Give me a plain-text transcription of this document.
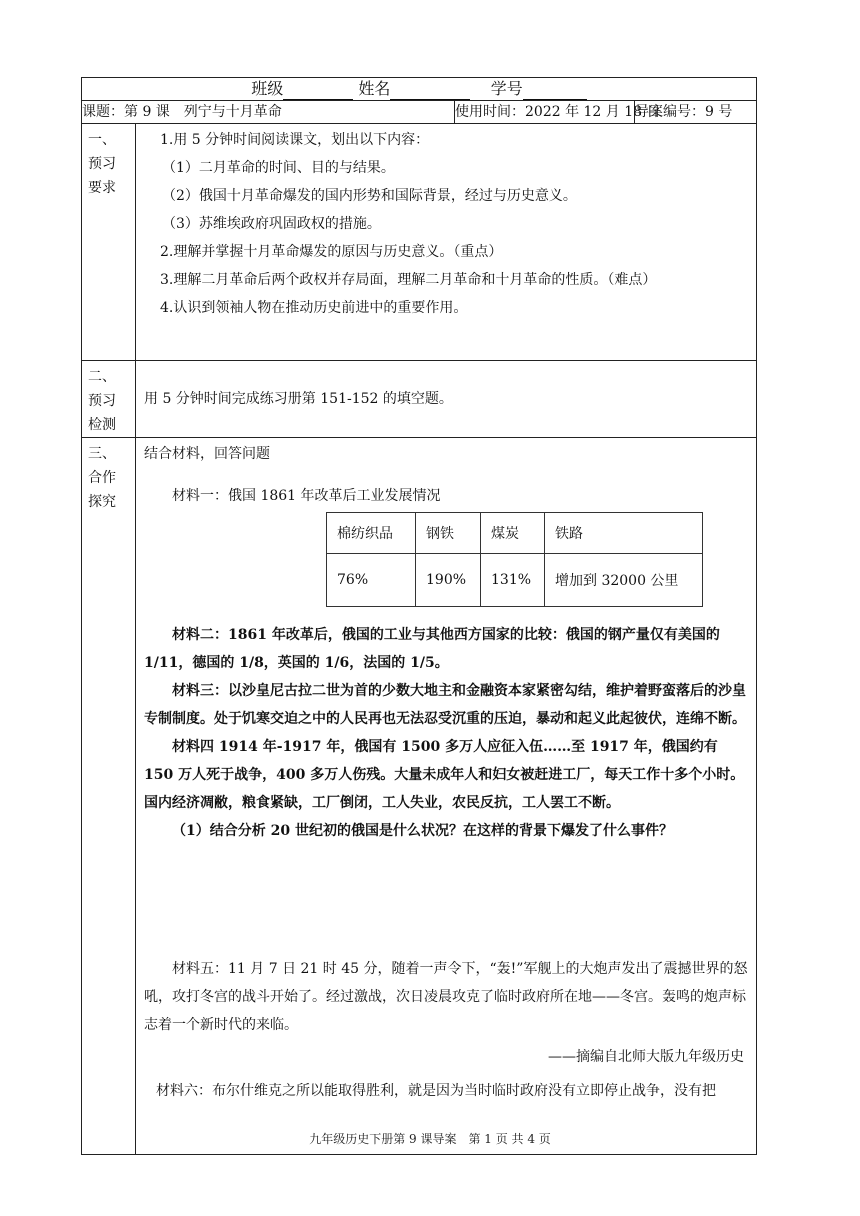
班级	姓名	学号
课题：第 9 课　列宁与十月革命	使用时间：2022 年 12 月 18 日	导案编号：9 号

一、
预习
要求

1.用 5 分钟时间阅读课文，划出以下内容：
（1）二月革命的时间、目的与结果。
（2）俄国十月革命爆发的国内形势和国际背景，经过与历史意义。
（3）苏维埃政府巩固政权的措施。
2.理解并掌握十月革命爆发的原因与历史意义。（重点）
3.理解二月革命后两个政权并存局面，理解二月革命和十月革命的性质。（难点）
4.认识到领袖人物在推动历史前进中的重要作用。

二、
预习
检测

用 5 分钟时间完成练习册第 151-152 的填空题。

三、
合作
探究

结合材料，回答问题
材料一：俄国 1861 年改革后工业发展情况
棉纺织品	钢铁	煤炭	铁路
76%	190%	131%	增加到 32000 公里
材料二：1861 年改革后，俄国的工业与其他西方国家的比较：俄国的钢产量仅有美国的 1/11，德国的 1/8，英国的 1/6，法国的 1/5。
材料三：以沙皇尼古拉二世为首的少数大地主和金融资本家紧密勾结，维护着野蛮落后的沙皇专制制度。处于饥寒交迫之中的人民再也无法忍受沉重的压迫，暴动和起义此起彼伏，连绵不断。
材料四 1914 年-1917 年，俄国有 1500 多万人应征入伍……至 1917 年，俄国约有 150 万人死于战争，400 多万人伤残。大量未成年人和妇女被赶进工厂，每天工作十多个小时。国内经济凋敝，粮食紧缺，工厂倒闭，工人失业，农民反抗，工人罢工不断。
（1）结合分析 20 世纪初的俄国是什么状况？在这样的背景下爆发了什么事件？
材料五：11 月 7 日 21 时 45 分，随着一声令下，“轰!”军舰上的大炮声发出了震撼世界的怒吼，攻打冬宫的战斗开始了。经过激战，次日凌晨攻克了临时政府所在地——冬宫。轰鸣的炮声标志着一个新时代的来临。
——摘编自北师大版九年级历史
材料六：布尔什维克之所以能取得胜利，就是因为当时临时政府没有立即停止战争，没有把
九年级历史下册第 9 课导案　第 1 页 共 4 页
